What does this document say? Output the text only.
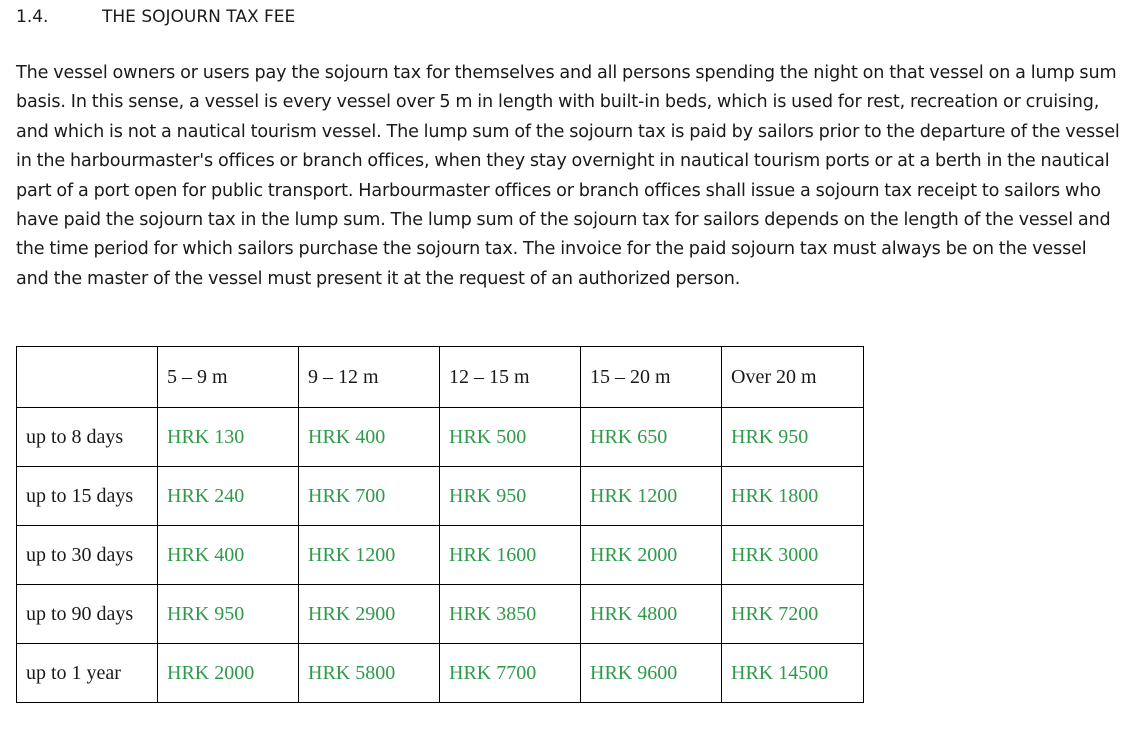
1.4.	THE SOJOURN TAX FEE

The vessel owners or users pay the sojourn tax for themselves and all persons spending the night on that vessel on a lump sum basis. In this sense, a vessel is every vessel over 5 m in length with built-in beds, which is used for rest, recreation or cruising, and which is not a nautical tourism vessel. The lump sum of the sojourn tax is paid by sailors prior to the departure of the vessel in the harbourmaster's offices or branch offices, when they stay overnight in nautical tourism ports or at a berth in the nautical part of a port open for public transport. Harbourmaster offices or branch offices shall issue a sojourn tax receipt to sailors who have paid the sojourn tax in the lump sum. The lump sum of the sojourn tax for sailors depends on the length of the vessel and the time period for which sailors purchase the sojourn tax. The invoice for the paid sojourn tax must always be on the vessel and the master of the vessel must present it at the request of an authorized person.

	5 – 9 m	9 – 12 m	12 – 15 m	15 – 20 m	Over 20 m
up to 8 days	HRK 130	HRK 400	HRK 500	HRK 650	HRK 950
up to 15 days	HRK 240	HRK 700	HRK 950	HRK 1200	HRK 1800
up to 30 days	HRK 400	HRK 1200	HRK 1600	HRK 2000	HRK 3000
up to 90 days	HRK 950	HRK 2900	HRK 3850	HRK 4800	HRK 7200
up to 1 year	HRK 2000	HRK 5800	HRK 7700	HRK 9600	HRK 14500
